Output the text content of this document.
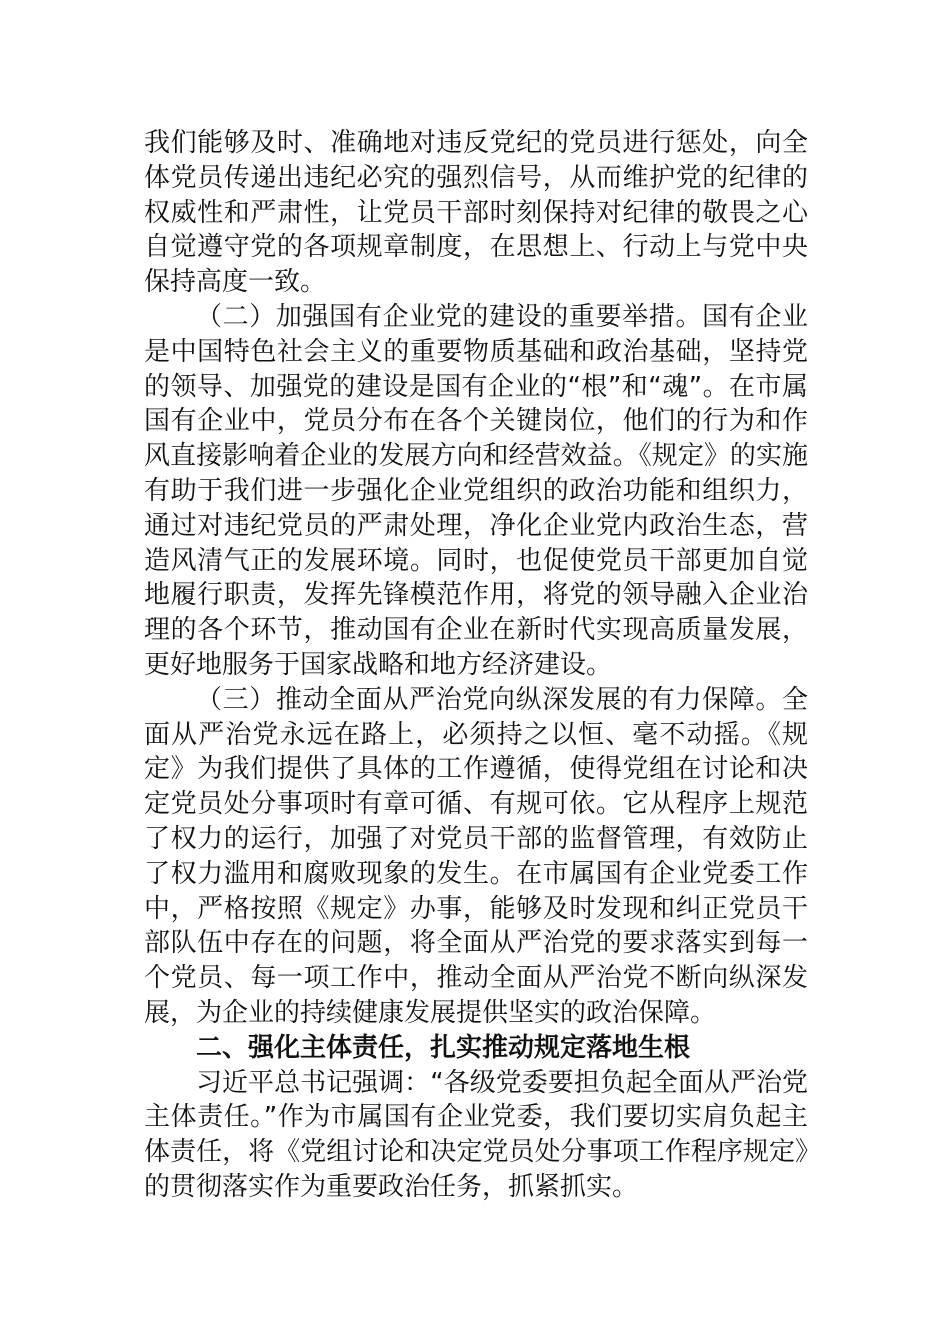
我们能够及时、准确地对违反党纪的党员进行惩处，向全体党员传递出违纪必究的强烈信号，从而维护党的纪律的权威性和严肃性，让党员干部时刻保持对纪律的敬畏之心自觉遵守党的各项规章制度，在思想上、行动上与党中央保持高度一致。

（二）加强国有企业党的建设的重要举措。国有企业是中国特色社会主义的重要物质基础和政治基础，坚持党的领导、加强党的建设是国有企业的“根”和“魂”。在市属国有企业中，党员分布在各个关键岗位，他们的行为和作风直接影响着企业的发展方向和经营效益。《规定》的实施有助于我们进一步强化企业党组织的政治功能和组织力，通过对违纪党员的严肃处理，净化企业党内政治生态，营造风清气正的发展环境。同时，也促使党员干部更加自觉地履行职责，发挥先锋模范作用，将党的领导融入企业治理的各个环节，推动国有企业在新时代实现高质量发展，更好地服务于国家战略和地方经济建设。

（三）推动全面从严治党向纵深发展的有力保障。全面从严治党永远在路上，必须持之以恒、毫不动摇。《规定》为我们提供了具体的工作遵循，使得党组在讨论和决定党员处分事项时有章可循、有规可依。它从程序上规范了权力的运行，加强了对党员干部的监督管理，有效防止了权力滥用和腐败现象的发生。在市属国有企业党委工作中，严格按照《规定》办事，能够及时发现和纠正党员干部队伍中存在的问题，将全面从严治党的要求落实到每一个党员、每一项工作中，推动全面从严治党不断向纵深发展，为企业的持续健康发展提供坚实的政治保障。

二、强化主体责任，扎实推动规定落地生根

习近平总书记强调：“各级党委要担负起全面从严治党主体责任。”作为市属国有企业党委，我们要切实肩负起主体责任，将《党组讨论和决定党员处分事项工作程序规定》的贯彻落实作为重要政治任务，抓紧抓实。
